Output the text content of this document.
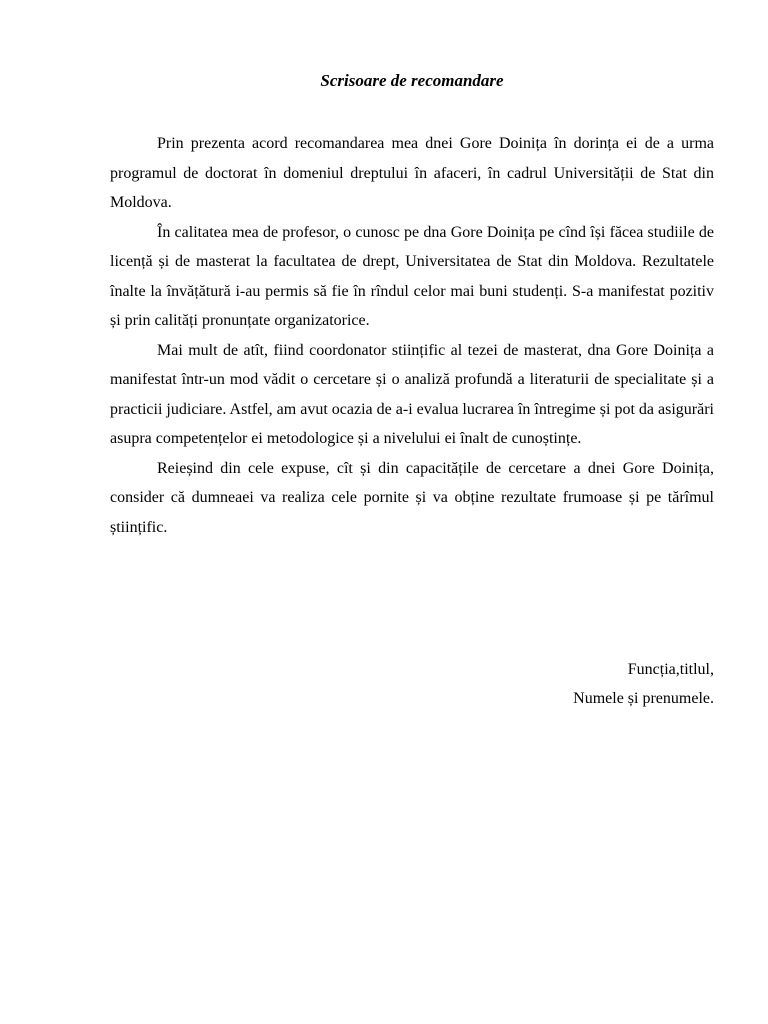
Scrisoare de recomandare

Prin prezenta acord recomandarea mea dnei Gore Doinița în dorința ei de a urma programul de doctorat în domeniul dreptului în afaceri, în cadrul Universității de Stat din Moldova.

În calitatea mea de profesor, o cunosc pe dna Gore Doinița pe cînd își făcea studiile de licență și de masterat la facultatea de drept, Universitatea de Stat din Moldova. Rezultatele înalte la învățătură i-au permis să fie în rîndul celor mai buni studenți. S-a manifestat pozitiv și prin calități pronunțate organizatorice.

Mai mult de atît, fiind coordonator stiințific al tezei de masterat, dna Gore Doinița a manifestat într-un mod vădit o cercetare și o analiză profundă a literaturii de specialitate și a practicii judiciare. Astfel, am avut ocazia de a-i evalua lucrarea în întregime și pot da asigurări asupra competențelor ei metodologice și a nivelului ei înalt de cunoștințe.

Reieșind din cele expuse, cît și din capacitățile de cercetare a dnei Gore Doinița, consider că dumneaei va realiza cele pornite și va obține rezultate frumoase și pe tărîmul științific.

Funcția,titlul,
Numele și prenumele.
